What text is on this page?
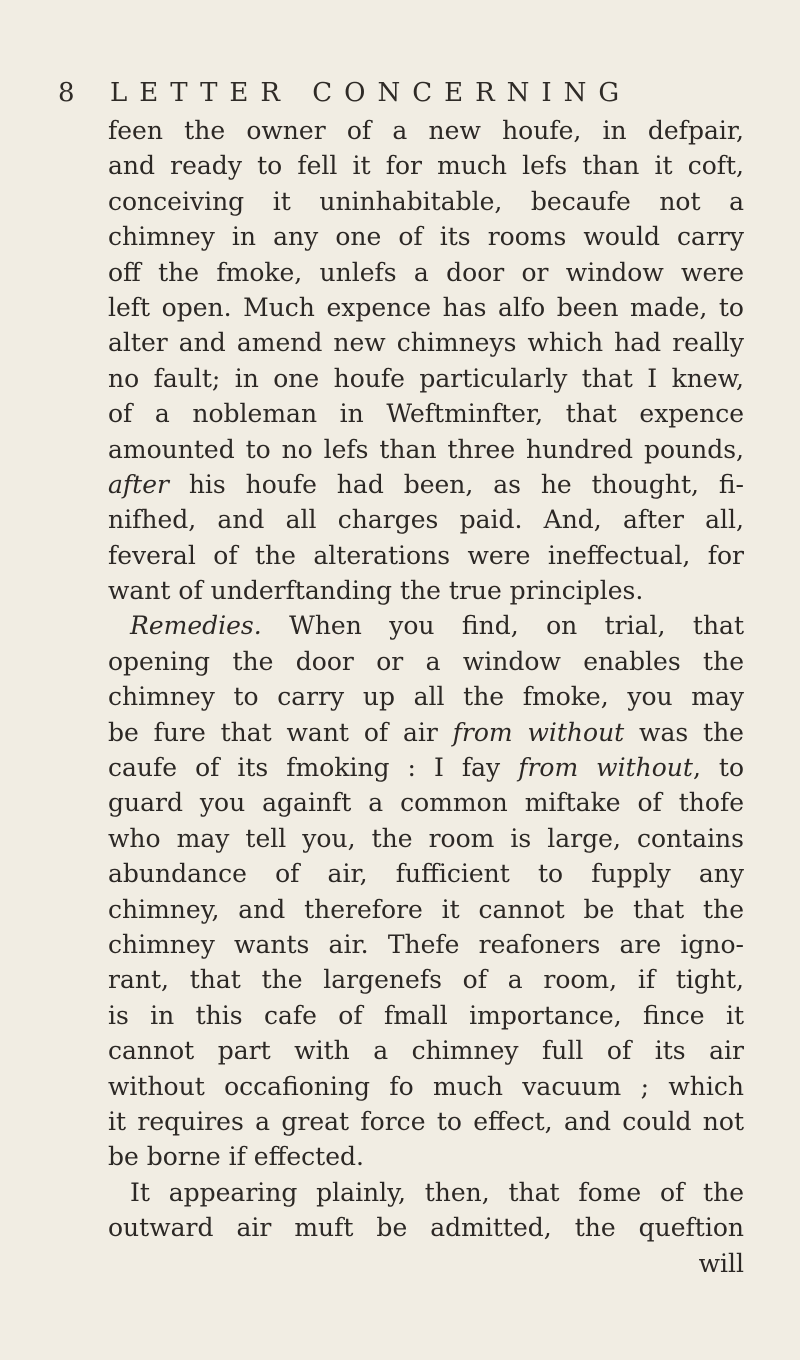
8 LETTER CONCERNING
feen the owner of a new houfe, in defpair,
and ready to fell it for much lefs than it coft,
conceiving it uninhabitable, becaufe not a
chimney in any one of its rooms would carry
off the fmoke, unlefs a door or window were
left open. Much expence has alfo been made, to
alter and amend new chimneys which had really
no fault; in one houfe particularly that I knew,
of a nobleman in Weftminfter, that expence
amounted to no lefs than three hundred pounds,
after his houfe had been, as he thought, fi-
nifhed, and all charges paid. And, after all,
feveral of the alterations were ineffectual, for
want of underftanding the true principles.
Remedies. When you find, on trial, that
opening the door or a window enables the
chimney to carry up all the fmoke, you may
be fure that want of air from without was the
caufe of its fmoking : I fay from without, to
guard you againft a common miftake of thofe
who may tell you, the room is large, contains
abundance of air, fufficient to fupply any
chimney, and therefore it cannot be that the
chimney wants air. Thefe reafoners are igno-
rant, that the largenefs of a room, if tight,
is in this cafe of fmall importance, fince it
cannot part with a chimney full of its air
without occafioning fo much vacuum ; which
it requires a great force to effect, and could not
be borne if effected.
It appearing plainly, then, that fome of the
outward air muft be admitted, the queftion
will
